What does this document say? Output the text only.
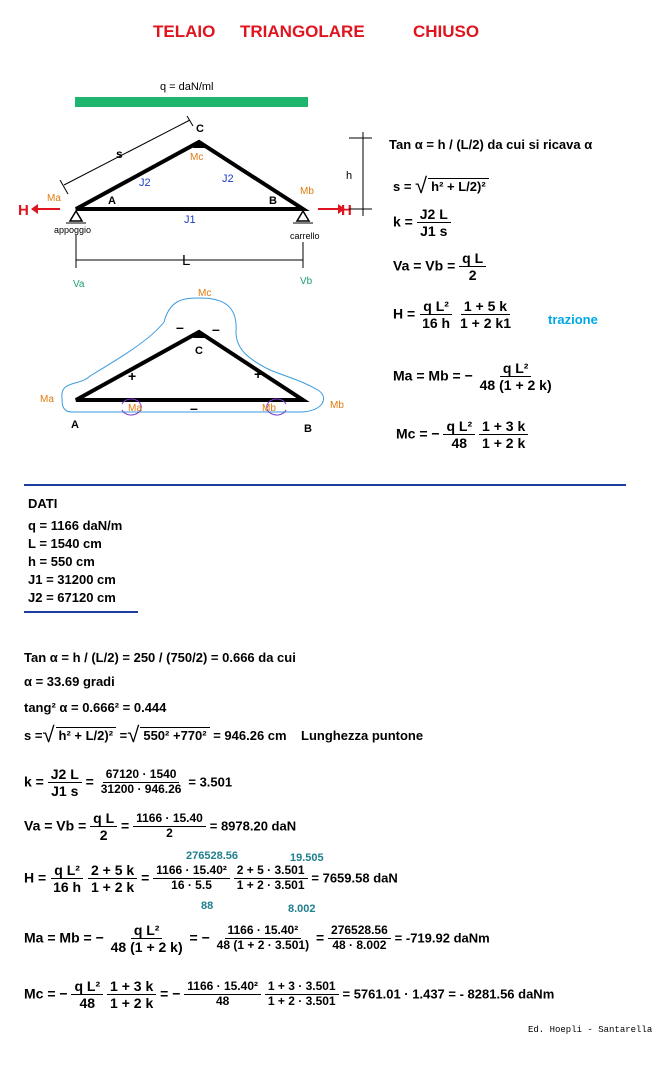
TELAIO TRIANGOLARE	CHIUSO
q = daN/ml
s
C
Mc
J2	J2
J1
A	B
Ma
Mb
appoggio
carrello
H	H
h
L
Va	Vb
Mc
C
– –
+	+
–
Ma
Mb
Ma	Mb
A	B
Tan α = h / (L/2) da cui si ricava α
s = √ h² + L/2)²
$k = \frac{J2 L}{J1 s}$
$Va = Vb = \frac{\text{q L}}{2}$
$H = \frac{\text{q L²}}{16 h}$
$\frac{1 + 5 k}{1 + 2 k1}$	trazione
Ma = Mb = − $\frac{\text{q L²}}{48 (1 + 2 k)}$
Mc = − $\frac{\text{q L²}}{48}$
$\frac{1 + 3 k}{1 + 2 k}$
DATI
q = 1166 daN/m
L = 1540 cm
h = 550 cm
J1 = 31200 cm
J2 = 67120 cm
Tan α = h / (L/2) = 250 / (750/2) = 0.666 da cui
α = 33.69 gradi
tang² α = 0.666² = 0.444
s =√ h² + L/2)² =√ 550² +770² = 946.26 cm Lunghezza puntone
$k = \frac{J2 L}{J1 s} = \frac{67120 \cdot 1540}{31200 \cdot 946.26} = 3.501$
$Va = Vb = \frac{\text{q L}}{2} = \frac{1166 \cdot 15.40}{2} = 8978.20$ daN
276528.56	19.505
$H = \frac{\text{q L²}}{16 h}$
$\frac{2 + 5 k}{1 + 2 k} = \frac{\text{1166 · 15.40²}}{16 \cdot 5.5}$
$\frac{2 + 5 \cdot 3.501}{1 + 2 \cdot 3.501} = 7659.58$ daN
88	8.002
Ma = Mb = − $\frac{\text{q L²}}{48 (1 + 2 k)}$ = − $\frac{\text{1166 · 15.40²}}{48 (1 + 2 \cdot 3.501)} = \frac{276528.56}{48 \cdot 8.002} = -719.92$ daNm
Mc = − $\frac{\text{q L²}}{48}$
$\frac{1 + 3 k}{1 + 2 k}$ = − $\frac{\text{1166 · 15.40²}}{48}$
$\frac{1 + 3 \cdot 3.501}{1 + 2 \cdot 3.501} = 5761.01 \cdot 1.437$ = - 8281.56 daNm
Ed. Hoepli - Santarella
